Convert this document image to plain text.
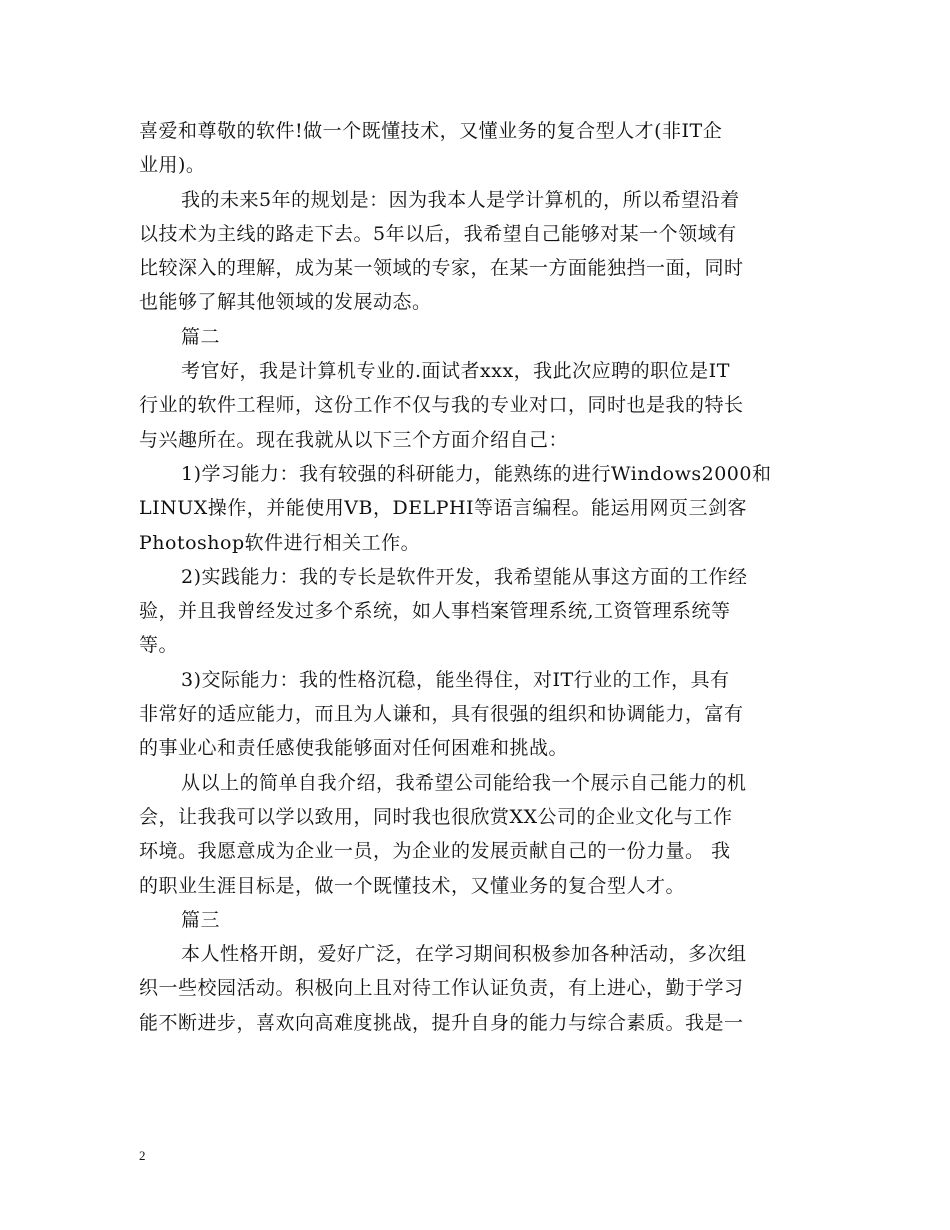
喜爱和尊敬的软件!做一个既懂技术，又懂业务的复合型人才(非IT企
业用)。
我的未来5年的规划是：因为我本人是学计算机的，所以希望沿着
以技术为主线的路走下去。5年以后，我希望自己能够对某一个领域有
比较深入的理解，成为某一领域的专家，在某一方面能独挡一面，同时
也能够了解其他领域的发展动态。
篇二
考官好，我是计算机专业的.面试者xxx，我此次应聘的职位是IT
行业的软件工程师，这份工作不仅与我的专业对口，同时也是我的特长
与兴趣所在。现在我就从以下三个方面介绍自己：
1)学习能力：我有较强的科研能力，能熟练的进行Windows2000和
LINUX操作，并能使用VB，DELPHI等语言编程。能运用网页三剑客
Photoshop软件进行相关工作。
2)实践能力：我的专长是软件开发，我希望能从事这方面的工作经
验，并且我曾经发过多个系统，如人事档案管理系统,工资管理系统等
等。
3)交际能力：我的性格沉稳，能坐得住，对IT行业的工作，具有
非常好的适应能力，而且为人谦和，具有很强的组织和协调能力，富有
的事业心和责任感使我能够面对任何困难和挑战。
从以上的简单自我介绍，我希望公司能给我一个展示自己能力的机
会，让我我可以学以致用，同时我也很欣赏XX公司的企业文化与工作
环境。我愿意成为企业一员，为企业的发展贡献自己的一份力量。 我
的职业生涯目标是，做一个既懂技术，又懂业务的复合型人才。
篇三
本人性格开朗，爱好广泛，在学习期间积极参加各种活动，多次组
织一些校园活动。积极向上且对待工作认证负责，有上进心，勤于学习
能不断进步，喜欢向高难度挑战，提升自身的能力与综合素质。我是一
2
